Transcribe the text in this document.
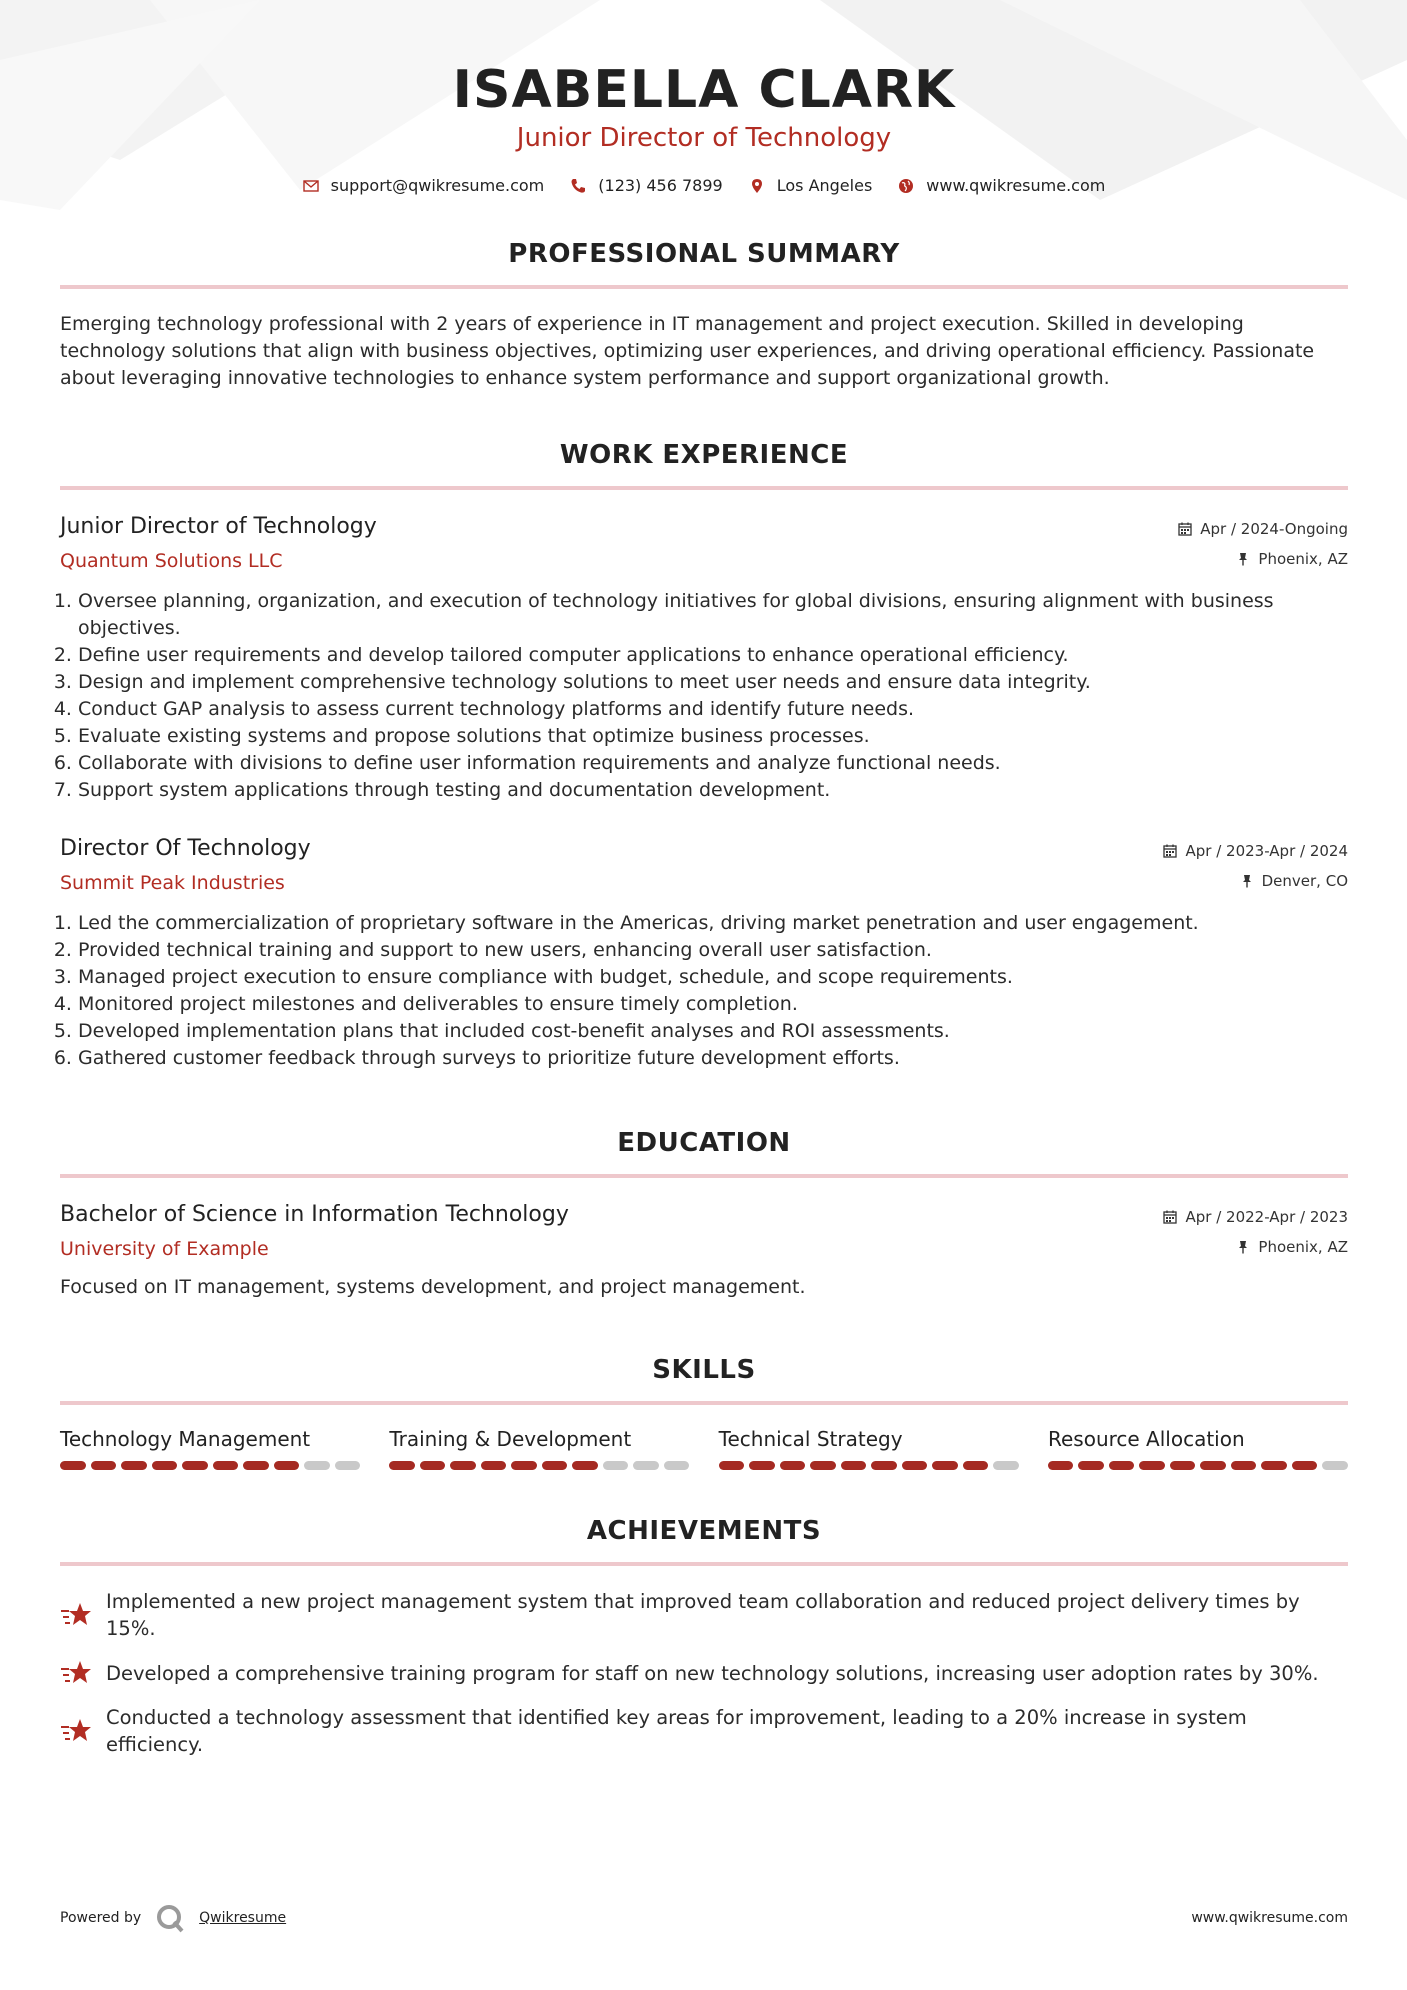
ISABELLA CLARK
Junior Director of Technology
support@qwikresume.com	(123) 456 7899	Los Angeles	www.qwikresume.com
PROFESSIONAL SUMMARY
Emerging technology professional with 2 years of experience in IT management and project execution. Skilled in developing technology solutions that align with business objectives, optimizing user experiences, and driving operational efficiency. Passionate about leveraging innovative technologies to enhance system performance and support organizational growth.
WORK EXPERIENCE
Junior Director of Technology
Quantum Solutions LLC
Apr / 2024-Ongoing
Phoenix, AZ
1. Oversee planning, organization, and execution of technology initiatives for global divisions, ensuring alignment with business objectives.
2. Define user requirements and develop tailored computer applications to enhance operational efficiency.
3. Design and implement comprehensive technology solutions to meet user needs and ensure data integrity.
4. Conduct GAP analysis to assess current technology platforms and identify future needs.
5. Evaluate existing systems and propose solutions that optimize business processes.
6. Collaborate with divisions to define user information requirements and analyze functional needs.
7. Support system applications through testing and documentation development.
Director Of Technology
Summit Peak Industries
Apr / 2023-Apr / 2024
Denver, CO
1. Led the commercialization of proprietary software in the Americas, driving market penetration and user engagement.
2. Provided technical training and support to new users, enhancing overall user satisfaction.
3. Managed project execution to ensure compliance with budget, schedule, and scope requirements.
4. Monitored project milestones and deliverables to ensure timely completion.
5. Developed implementation plans that included cost-benefit analyses and ROI assessments.
6. Gathered customer feedback through surveys to prioritize future development efforts.
EDUCATION
Bachelor of Science in Information Technology
University of Example
Apr / 2022-Apr / 2023
Phoenix, AZ
Focused on IT management, systems development, and project management.
SKILLS
Technology Management	Training & Development	Technical Strategy	Resource Allocation
ACHIEVEMENTS
Implemented a new project management system that improved team collaboration and reduced project delivery times by 15%.
Developed a comprehensive training program for staff on new technology solutions, increasing user adoption rates by 30%.
Conducted a technology assessment that identified key areas for improvement, leading to a 20% increase in system efficiency.
Powered by	Qwikresume	www.qwikresume.com
